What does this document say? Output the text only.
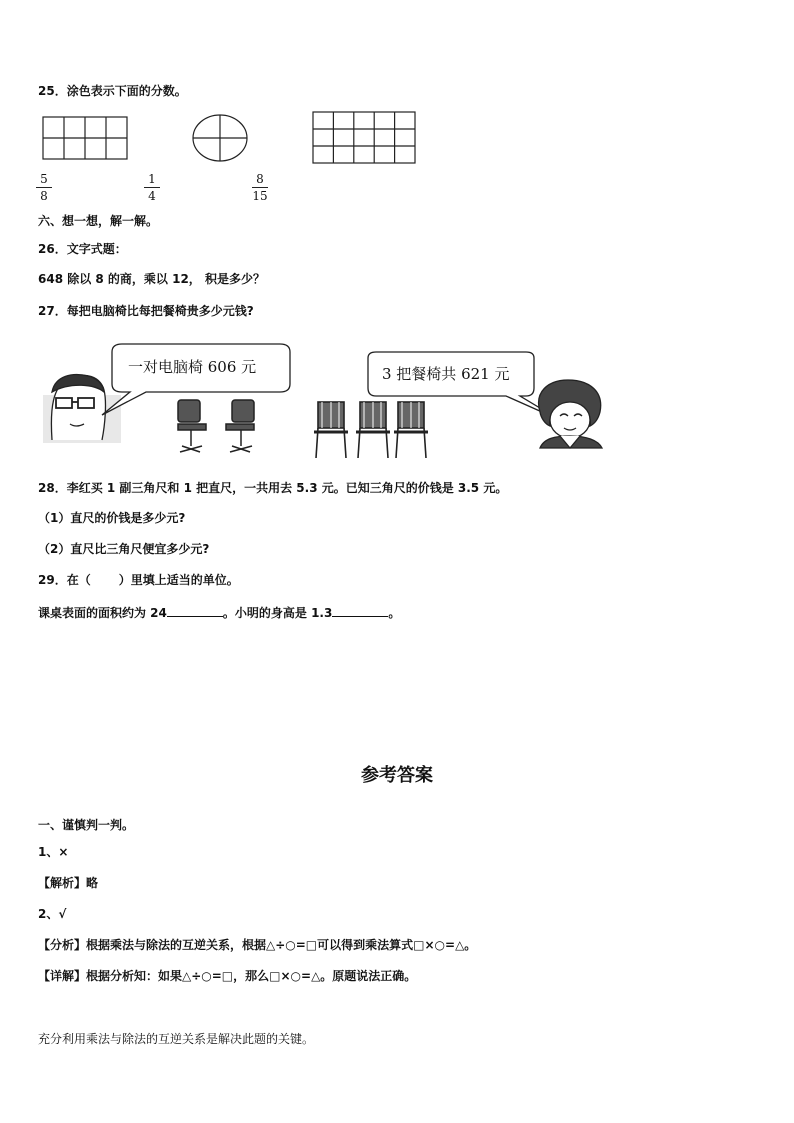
25．涂色表示下面的分数。
5
8
1
4
8
15
六、想一想，解一解。
26．文字式题：
648 除以 8 的商，乘以 12， 积是多少？
27．每把电脑椅比每把餐椅贵多少元钱?
一对电脑椅 606 元	3 把餐椅共 621 元
28．李红买 1 副三角尺和 1 把直尺，一共用去 5.3 元。已知三角尺的价钱是 3.5 元。
（1）直尺的价钱是多少元?
（2）直尺比三角尺便宜多少元?
29．在（ ）里填上适当的单位。
课桌表面的面积约为 24	。小明的身高是 1.3	。
参考答案
一、谨慎判一判。
1、×
【解析】略
2、√
【分析】根据乘法与除法的互逆关系，根据△÷○=□可以得到乘法算式□×○=△。
【详解】根据分析知：如果△÷○=□，那么□×○=△。原题说法正确。
充分利用乘法与除法的互逆关系是解决此题的关键。
